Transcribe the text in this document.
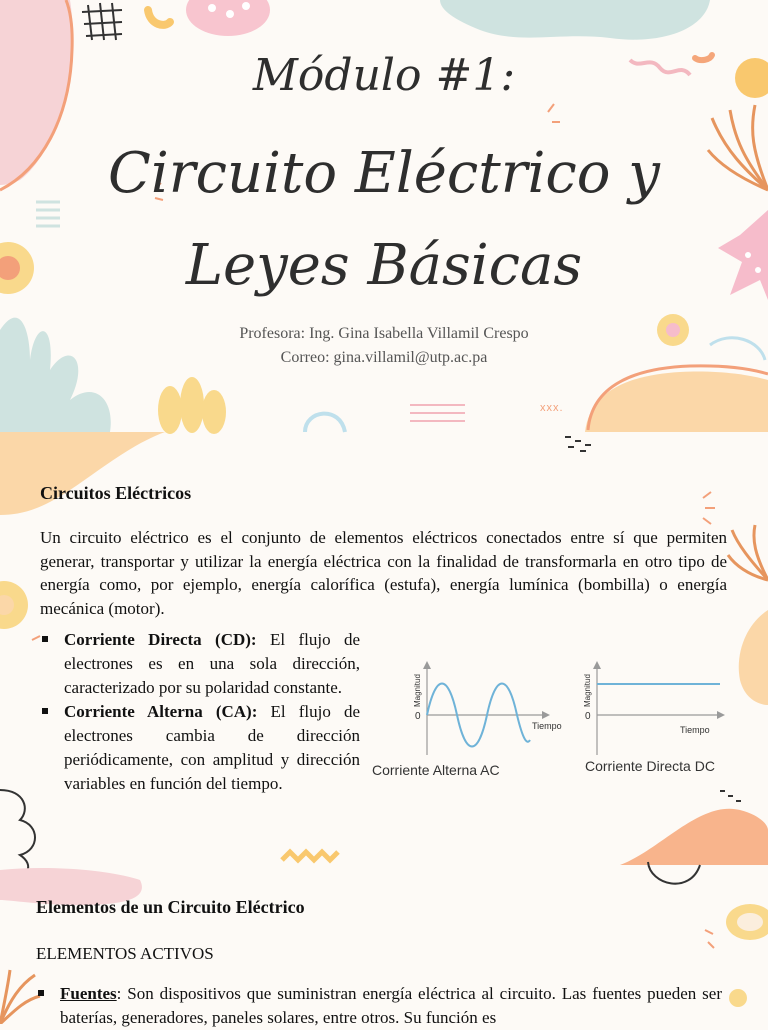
Módulo #1:
Circuito Eléctrico y
Leyes Básicas
Profesora: Ing. Gina Isabella Villamil Crespo
Correo: gina.villamil@utp.ac.pa
xxx.
Circuitos Eléctricos
Un circuito eléctrico es el conjunto de elementos eléctricos conectados entre sí que permiten generar, transportar y utilizar la energía eléctrica con la finalidad de transformarla en otro tipo de energía como, por ejemplo, energía calorífica (estufa), energía lumínica (bombilla) o energía mecánica (motor).

Corriente Directa (CD): El flujo de electrones es en una sola dirección, caracterizado por su polaridad constante.

Corriente Alterna (CA): El flujo de electrones cambia de dirección periódicamente, con amplitud y dirección variables en función del tiempo.

Magnitud
0
Tiempo
Corriente Alterna AC
Magnitud
0
Tiempo
Corriente Directa DC
Elementos de un Circuito Eléctrico
ELEMENTOS ACTIVOS
Fuentes: Son dispositivos que suministran energía eléctrica al circuito. Las fuentes pueden ser baterías, generadores, paneles solares, entre otros. Su función es
